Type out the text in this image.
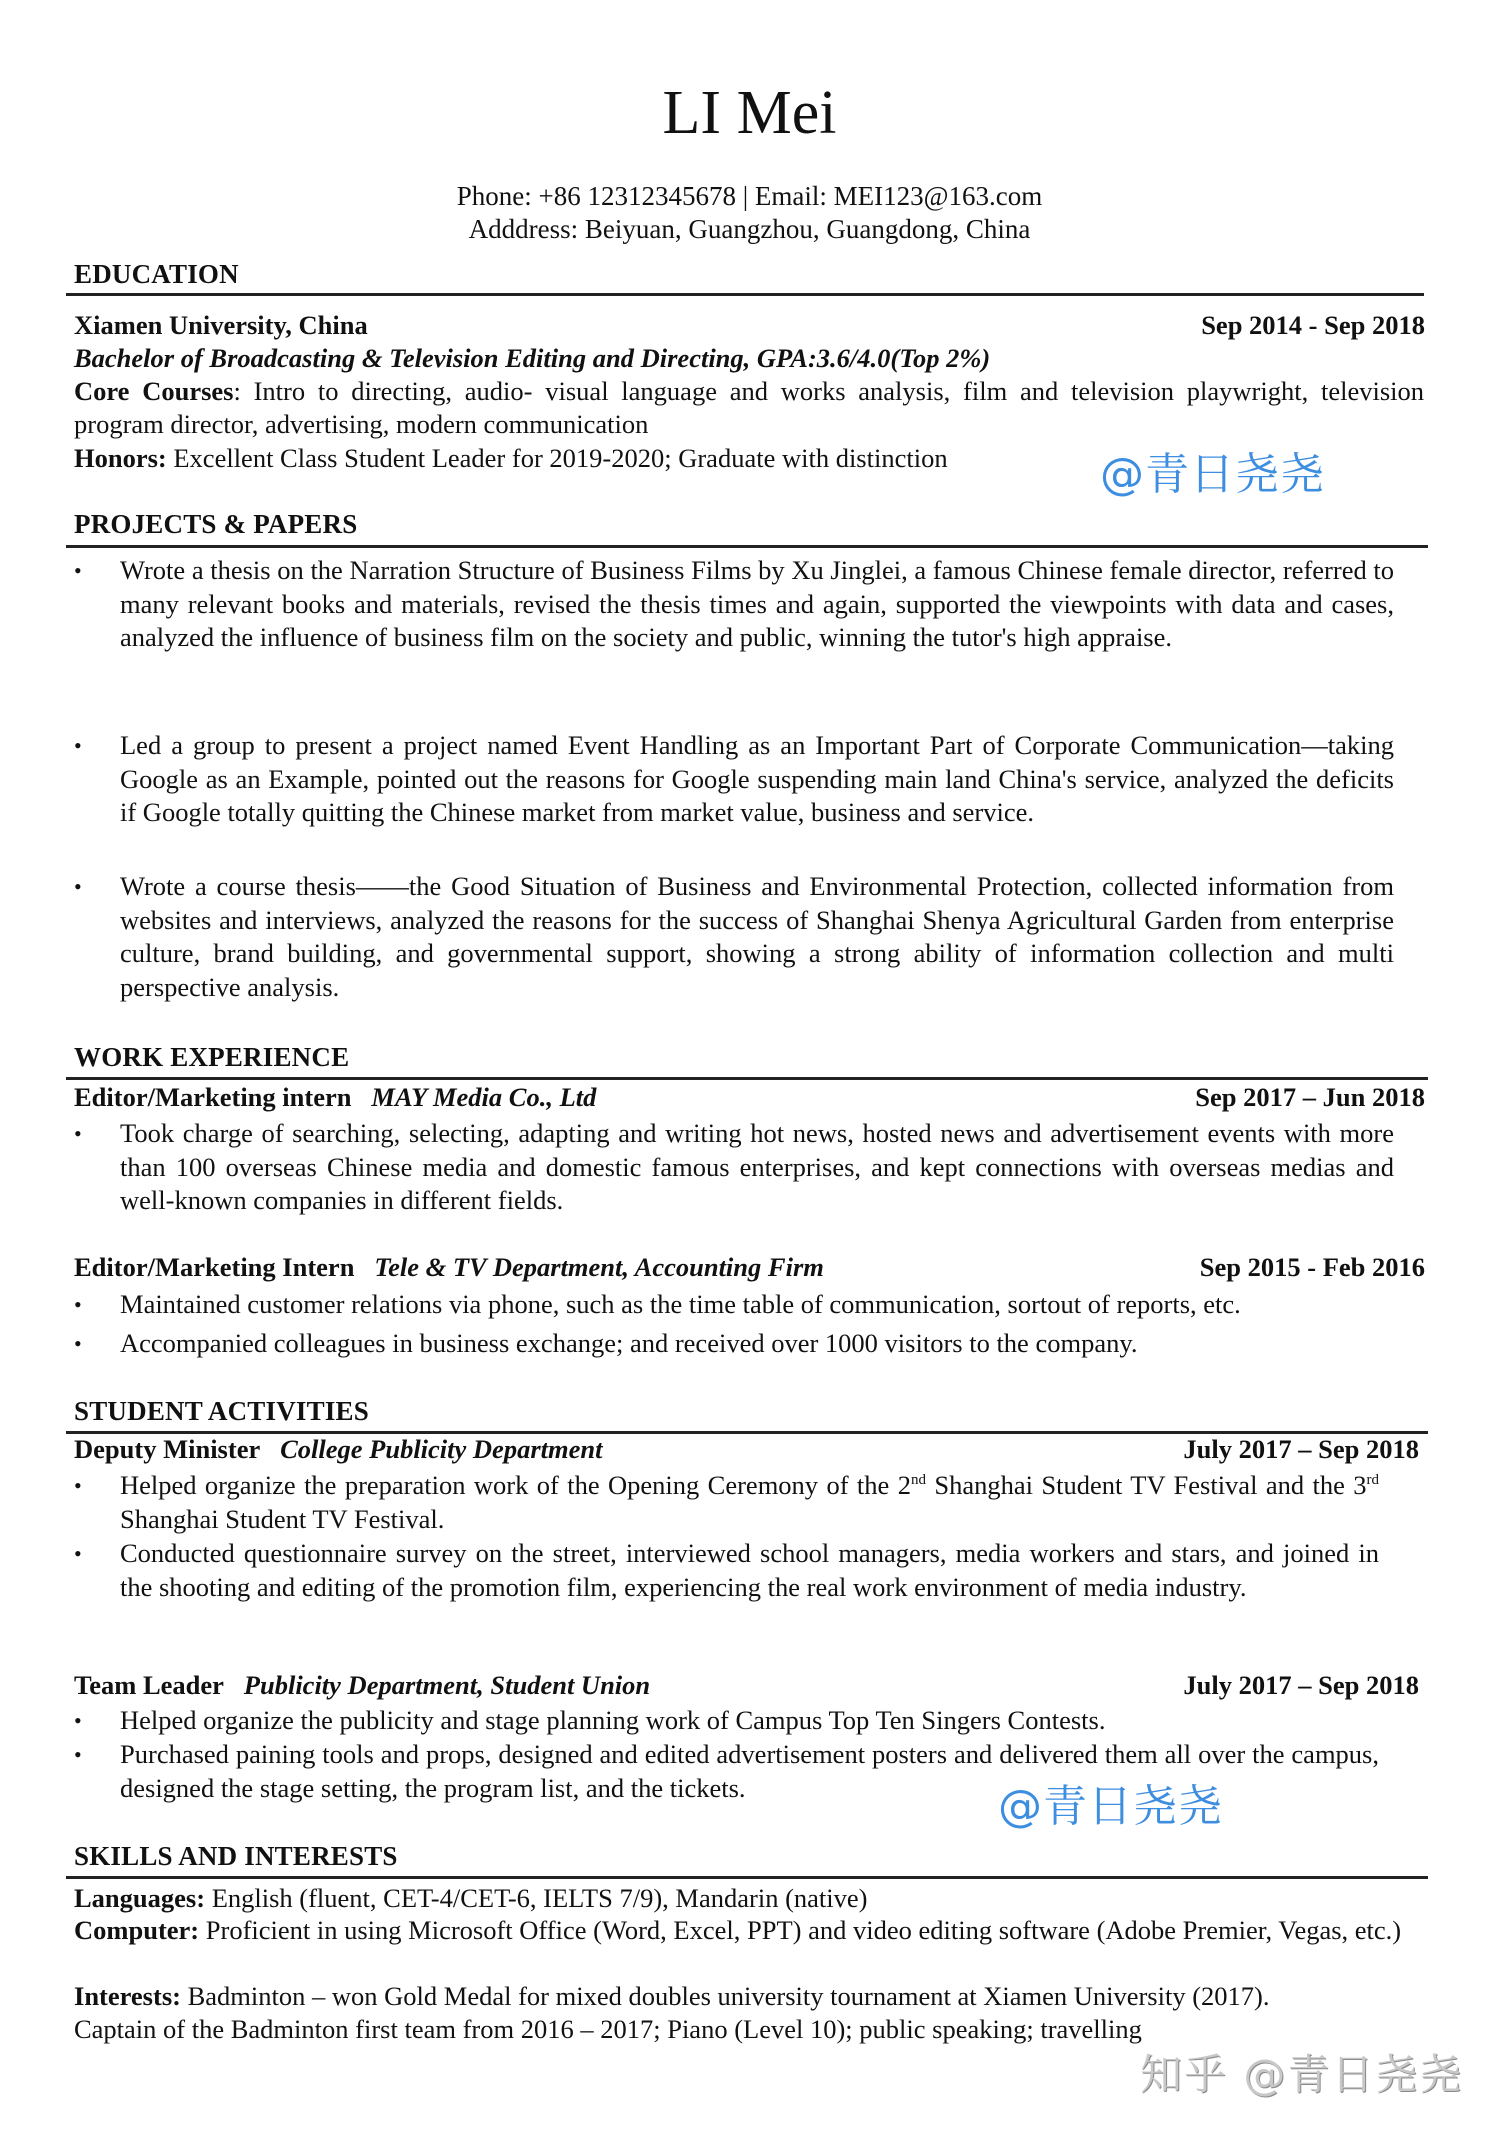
LI Mei
Phone: +86 12312345678 | Email: MEI123@163.com
Adddress: Beiyuan, Guangzhou, Guangdong, China
EDUCATION
Xiamen University, China	Sep 2014 - Sep 2018
Bachelor of Broadcasting & Television Editing and Directing, GPA:3.6/4.0(Top 2%)
Core Courses: Intro to directing, audio- visual language and works analysis, film and television playwright, television program director, advertising, modern communication
Honors: Excellent Class Student Leader for 2019-2020; Graduate with distinction	@青日尧尧
PROJECTS & PAPERS
•	Wrote a thesis on the Narration Structure of Business Films by Xu Jinglei, a famous Chinese female director, referred to many relevant books and materials, revised the thesis times and again, supported the viewpoints with data and cases, analyzed the influence of business film on the society and public, winning the tutor's high appraise.
•	Led a group to present a project named Event Handling as an Important Part of Corporate Communication—taking Google as an Example, pointed out the reasons for Google suspending main land China's service, analyzed the deficits if Google totally quitting the Chinese market from market value, business and service.
•	Wrote a course thesis——the Good Situation of Business and Environmental Protection, collected information from websites and interviews, analyzed the reasons for the success of Shanghai Shenya Agricultural Garden from enterprise culture, brand building, and governmental support, showing a strong ability of information collection and multi perspective analysis.
WORK EXPERIENCE
Editor/Marketing intern MAY Media Co., Ltd	Sep 2017 – Jun 2018
•	Took charge of searching, selecting, adapting and writing hot news, hosted news and advertisement events with more than 100 overseas Chinese media and domestic famous enterprises, and kept connections with overseas medias and well-known companies in different fields.
Editor/Marketing Intern Tele & TV Department, Accounting Firm	Sep 2015 - Feb 2016
•	Maintained customer relations via phone, such as the time table of communication, sortout of reports, etc.
•	Accompanied colleagues in business exchange; and received over 1000 visitors to the company.
STUDENT ACTIVITIES
Deputy Minister College Publicity Department	July 2017 – Sep 2018
•	Helped organize the preparation work of the Opening Ceremony of the 2nd Shanghai Student TV Festival and the 3rd Shanghai Student TV Festival.
•	Conducted questionnaire survey on the street, interviewed school managers, media workers and stars, and joined in the shooting and editing of the promotion film, experiencing the real work environment of media industry.
Team Leader Publicity Department, Student Union	July 2017 – Sep 2018
•	Helped organize the publicity and stage planning work of Campus Top Ten Singers Contests.
•	Purchased paining tools and props, designed and edited advertisement posters and delivered them all over the campus, designed the stage setting, the program list, and the tickets.	@青日尧尧
SKILLS AND INTERESTS
Languages: English (fluent, CET-4/CET-6, IELTS 7/9), Mandarin (native)
Computer: Proficient in using Microsoft Office (Word, Excel, PPT) and video editing software (Adobe Premier, Vegas, etc.)
Interests: Badminton – won Gold Medal for mixed doubles university tournament at Xiamen University (2017).
Captain of the Badminton first team from 2016 – 2017; Piano (Level 10); public speaking; travelling
知乎 @青日尧尧
